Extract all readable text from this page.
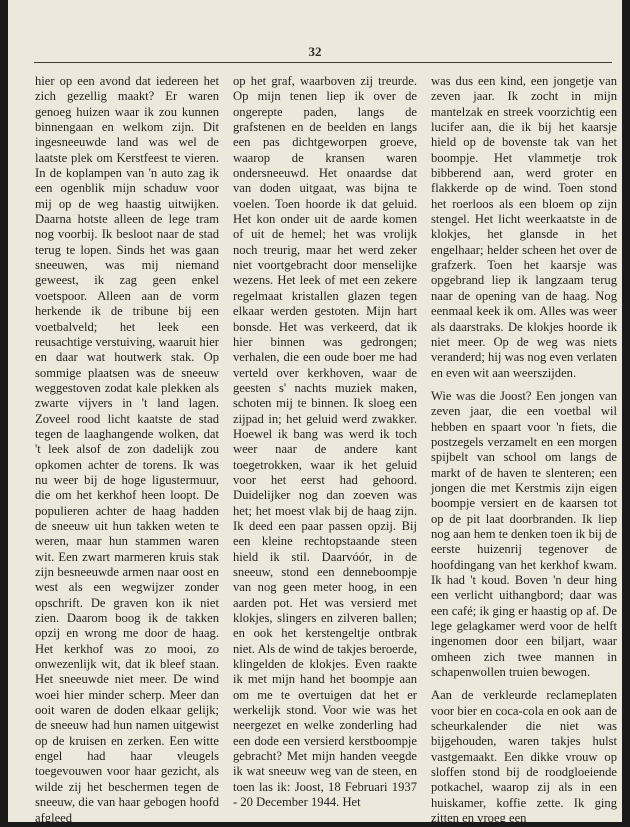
32

hier op een avond dat iedereen het zich gezellig maakt? Er waren genoeg huizen waar ik zou kunnen binnengaan en welkom zijn. Dit ingesneeuwde land was wel de laatste plek om Kerstfeest te vieren. In de koplampen van 'n auto zag ik een ogenblik mijn schaduw voor mij op de weg haastig uitwijken. Daarna hotste alleen de lege tram nog voorbij. Ik besloot naar de stad terug te lopen. Sinds het was gaan sneeuwen, was mij niemand geweest, ik zag geen enkel voetspoor. Alleen aan de vorm herkende ik de tribune bij een voetbalveld; het leek een reusachtige verstuiving, waaruit hier en daar wat houtwerk stak. Op sommige plaatsen was de sneeuw weggestoven zodat kale plekken als zwarte vijvers in 't land lagen. Zoveel rood licht kaatste de stad tegen de laaghangende wolken, dat 't leek alsof de zon dadelijk zou opkomen achter de torens. Ik was nu weer bij de hoge ligustermuur, die om het kerkhof heen loopt. De populieren achter de haag hadden de sneeuw uit hun takken weten te weren, maar hun stammen waren wit. Een zwart marmeren kruis stak zijn besneeuwde armen naar oost en west als een wegwijzer zonder opschrift. De graven kon ik niet zien. Daarom boog ik de takken opzij en wrong me door de haag. Het kerkhof was zo mooi, zo onwezenlijk wit, dat ik bleef staan. Het sneeuwde niet meer. De wind woei hier minder scherp. Meer dan ooit waren de doden elkaar gelijk; de sneeuw had hun namen uitgewist op de kruisen en zerken. Een witte engel had haar vleugels toegevouwen voor haar gezicht, als wilde zij het beschermen tegen de sneeuw, die van haar gebogen hoofd afgleed

op het graf, waarboven zij treurde. Op mijn tenen liep ik over de ongerepte paden, langs de grafstenen en de beelden en langs een pas dichtgeworpen groeve, waarop de kransen waren ondersneeuwd. Het onaardse dat van doden uitgaat, was bijna te voelen. Toen hoorde ik dat geluid. Het kon onder uit de aarde komen of uit de hemel; het was vrolijk noch treurig, maar het werd zeker niet voortgebracht door menselijke wezens. Het leek of met een zekere regelmaat kristallen glazen tegen elkaar werden gestoten. Mijn hart bonsde. Het was verkeerd, dat ik hier binnen was gedrongen; verhalen, die een oude boer me had verteld over kerkhoven, waar de geesten s' nachts muziek maken, schoten mij te binnen. Ik sloeg een zijpad in; het geluid werd zwakker. Hoewel ik bang was werd ik toch weer naar de andere kant toegetrokken, waar ik het geluid voor het eerst had gehoord. Duidelijker nog dan zoeven was het; het moest vlak bij de haag zijn. Ik deed een paar passen opzij. Bij een kleine rechtopstaande steen hield ik stil. Daarvóór, in de sneeuw, stond een denneboompje van nog geen meter hoog, in een aarden pot. Het was versierd met klokjes, slingers en zilveren ballen; en ook het kerstengeltje ontbrak niet. Als de wind de takjes beroerde, klingelden de klokjes. Even raakte ik met mijn hand het boompje aan om me te overtuigen dat het er werkelijk stond. Voor wie was het neergezet en welke zonderling had een dode een versierd kerstboompje gebracht? Met mijn handen veegde ik wat sneeuw weg van de steen, en toen las ik: Joost, 18 Februari 1937 - 20 December 1944. Het

was dus een kind, een jongetje van zeven jaar. Ik zocht in mijn mantelzak en streek voorzichtig een lucifer aan, die ik bij het kaarsje hield op de bovenste tak van het boompje. Het vlammetje trok bibberend aan, werd groter en flakkerde op de wind. Toen stond het roerloos als een bloem op zijn stengel. Het licht weerkaatste in de klokjes, het glansde in het engelhaar; helder scheen het over de grafzerk. Toen het kaarsje was opgebrand liep ik langzaam terug naar de opening van de haag. Nog eenmaal keek ik om. Alles was weer als daarstraks. De klokjes hoorde ik niet meer. Op de weg was niets veranderd; hij was nog even verlaten en even wit aan weerszijden.

Wie was die Joost? Een jongen van zeven jaar, die een voetbal wil hebben en spaart voor 'n fiets, die postzegels verzamelt en een morgen spijbelt van school om langs de markt of de haven te slenteren; een jongen die met Kerstmis zijn eigen boompje versiert en de kaarsen tot op de pit laat doorbranden. Ik liep nog aan hem te denken toen ik bij de eerste huizenrij tegenover de hoofdingang van het kerkhof kwam. Ik had 't koud. Boven 'n deur hing een verlicht uithangbord; daar was een café; ik ging er haastig op af. De lege gelagkamer werd voor de helft ingenomen door een biljart, waar omheen zich twee mannen in schapenwollen truien bewogen.

Aan de verkleurde reclameplaten voor bier en coca-cola en ook aan de scheurkalender die niet was bijgehouden, waren takjes hulst vastgemaakt. Een dikke vrouw op sloffen stond bij de roodgloeiende potkachel, waarop zij als in een huiskamer, koffie zette. Ik ging zitten en vroeg een
